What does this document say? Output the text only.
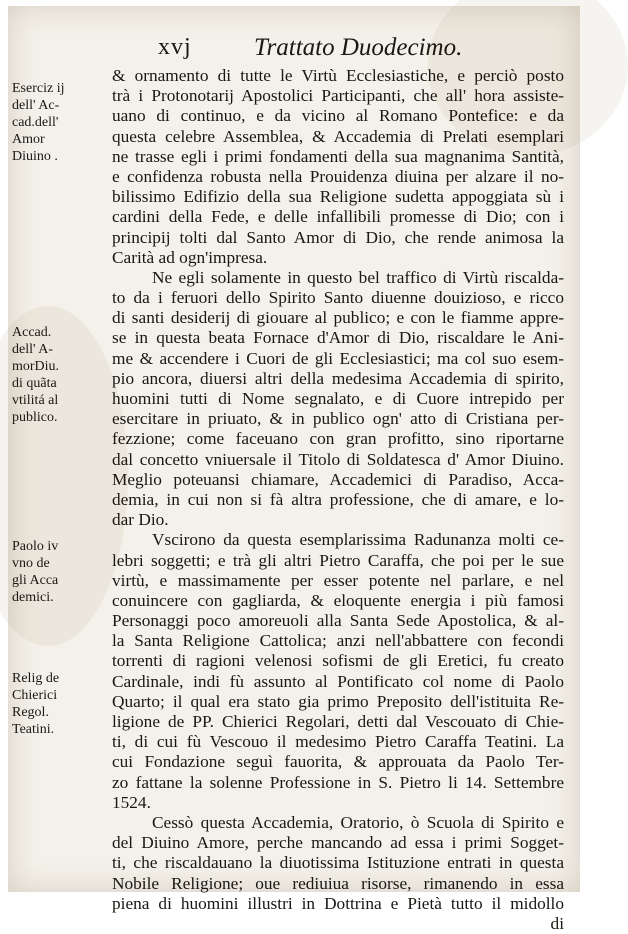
xvj Trattato Duodecimo.
Eserciz ij
dell' Ac-
cad.dell'
Amor
Diuino .
Accad.
dell' A-
morDiu.
di quãta
vtilitá al
publico.
Paolo iv
vno de
gli Acca
demici.
Relig de
Chierici
Regol.
Teatini.
& ornamento di tutte le Virtù Ecclesiastiche, e perciò posto
trà i Protonotarij Apostolici Participanti, che all' hora assiste-
uano di continuo, e da vicino al Romano Pontefice: e da
questa celebre Assemblea, & Accademia di Prelati esemplari
ne trasse egli i primi fondamenti della sua magnanima Santità,
e confidenza robusta nella Prouidenza diuina per alzare il no-
bilissimo Edifizio della sua Religione sudetta appoggiata sù i
cardini della Fede, e delle infallibili promesse di Dio; con i
principij tolti dal Santo Amor di Dio, che rende animosa la
Carità ad ogn'impresa.
Ne egli solamente in questo bel traffico di Virtù riscalda-
to da i feruori dello Spirito Santo diuenne douizioso, e ricco
di santi desiderij di giouare al publico; e con le fiamme appre-
se in questa beata Fornace d'Amor di Dio, riscaldare le Ani-
me & accendere i Cuori de gli Ecclesiastici; ma col suo esem-
pio ancora, diuersi altri della medesima Accademia di spirito,
huomini tutti di Nome segnalato, e di Cuore intrepido per
esercitare in priuato, & in publico ogn' atto di Cristiana per-
fezzione; come faceuano con gran profitto, sino riportarne
dal concetto vniuersale il Titolo di Soldatesca d' Amor Diuino.
Meglio poteuansi chiamare, Accademici di Paradiso, Acca-
demia, in cui non si fà altra professione, che di amare, e lo-
dar Dio.
Vscirono da questa esemplarissima Radunanza molti ce-
lebri soggetti; e trà gli altri Pietro Caraffa, che poi per le sue
virtù, e massimamente per esser potente nel parlare, e nel
conuincere con gagliarda, & eloquente energia i più famosi
Personaggi poco amoreuoli alla Santa Sede Apostolica, & al-
la Santa Religione Cattolica; anzi nell'abbattere con fecondi
torrenti di ragioni velenosi sofismi de gli Eretici, fu creato
Cardinale, indi fù assunto al Pontificato col nome di Paolo
Quarto; il qual era stato gia primo Preposito dell'istituita Re-
ligione de PP. Chierici Regolari, detti dal Vescouato di Chie-
ti, di cui fù Vescouo il medesimo Pietro Caraffa Teatini. La
cui Fondazione seguì fauorita, & approuata da Paolo Ter-
zo fattane la solenne Professione in S. Pietro li 14. Settembre
1524.
Cessò questa Accademia, Oratorio, ò Scuola di Spirito e
del Diuino Amore, perche mancando ad essa i primi Sogget-
ti, che riscaldauano la diuotissima Istituzione entrati in questa
Nobile Religione; oue rediuiua risorse, rimanendo in essa
piena di huomini illustri in Dottrina e Pietà tutto il midollo
di
